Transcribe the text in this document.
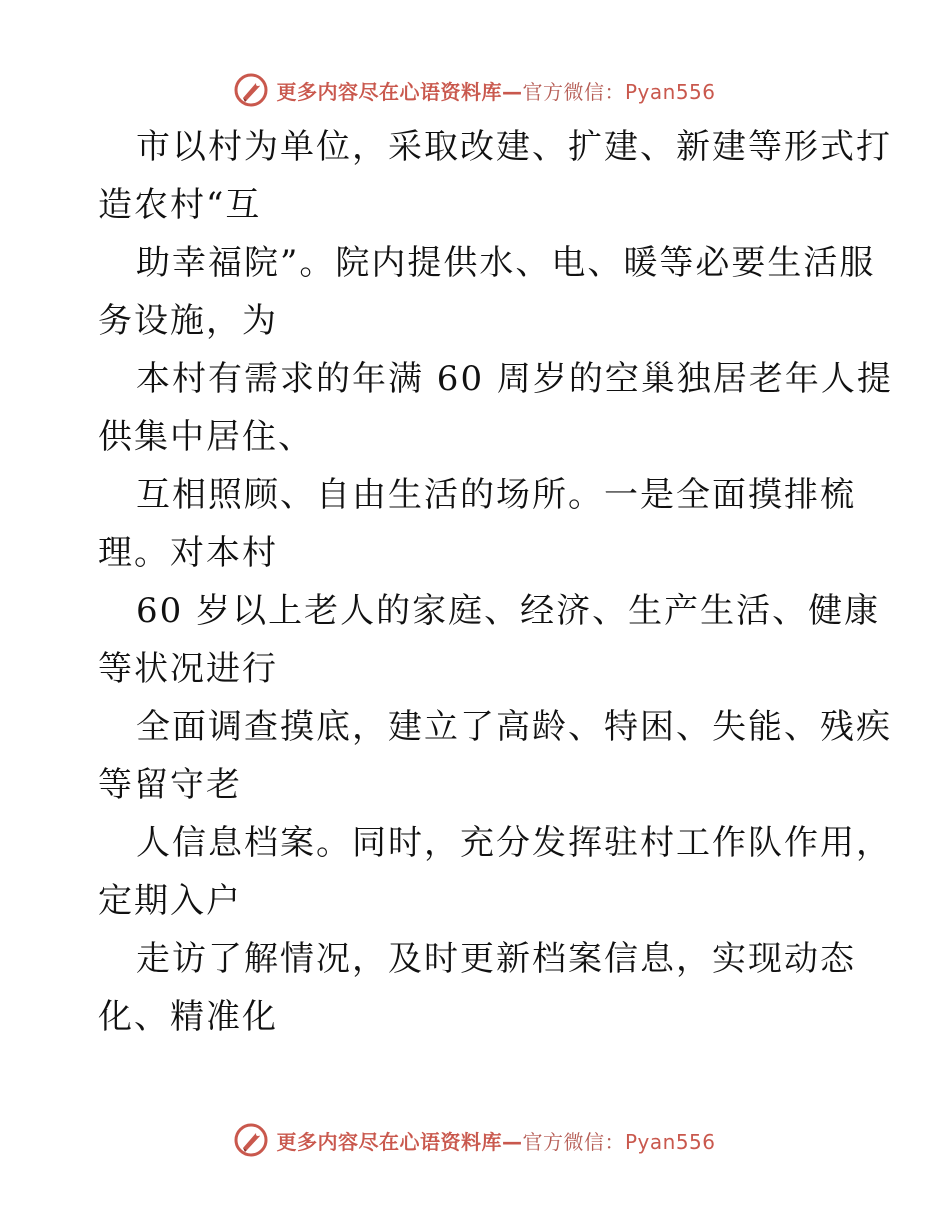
更多内容尽在心语资料库—官方微信：Pyan556
市以村为单位，采取改建、扩建、新建等形式打
造农村“互
助幸福院”。院内提供水、电、暖等必要生活服
务设施，为
本村有需求的年满 60 周岁的空巢独居老年人提
供集中居住、
互相照顾、自由生活的场所。一是全面摸排梳
理。对本村
60 岁以上老人的家庭、经济、生产生活、健康
等状况进行
全面调查摸底，建立了高龄、特困、失能、残疾
等留守老
人信息档案。同时，充分发挥驻村工作队作用，
定期入户
走访了解情况，及时更新档案信息，实现动态
化、精准化
更多内容尽在心语资料库—官方微信：Pyan556
